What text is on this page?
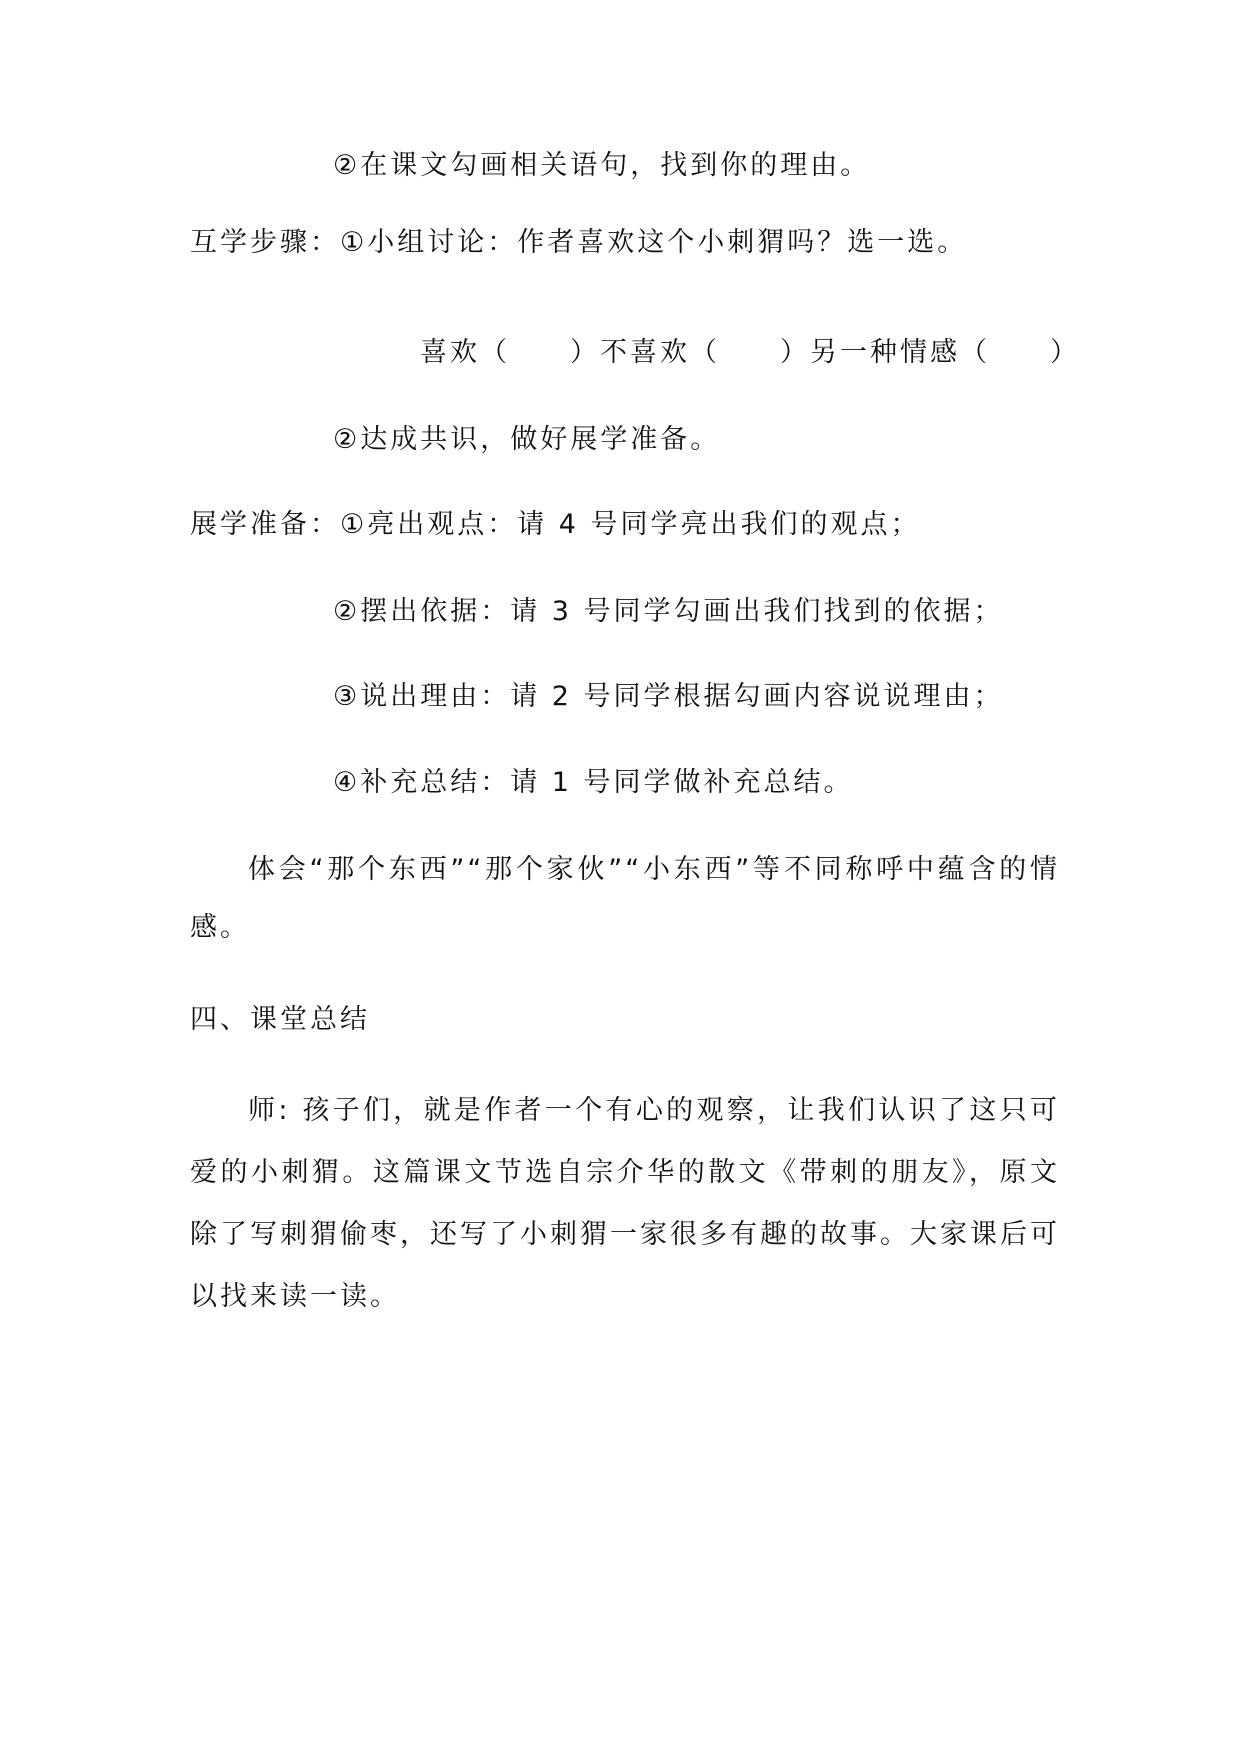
②在课文勾画相关语句，找到你的理由。
互学步骤：①小组讨论：作者喜欢这个小刺猬吗？选一选。
喜欢（　　）不喜欢（　　）另一种情感（　　）
②达成共识，做好展学准备。
展学准备：①亮出观点：请 4 号同学亮出我们的观点；
②摆出依据：请 3 号同学勾画出我们找到的依据；
③说出理由：请 2 号同学根据勾画内容说说理由；
④补充总结：请 1 号同学做补充总结。
体会“那个东西”“那个家伙”“小东西”等不同称呼中蕴含的情感。
四、课堂总结
师: 孩子们，就是作者一个有心的观察，让我们认识了这只可爱的小刺猬。这篇课文节选自宗介华的散文《带刺的朋友》，原文除了写刺猬偷枣，还写了小刺猬一家很多有趣的故事。大家课后可以找来读一读。
